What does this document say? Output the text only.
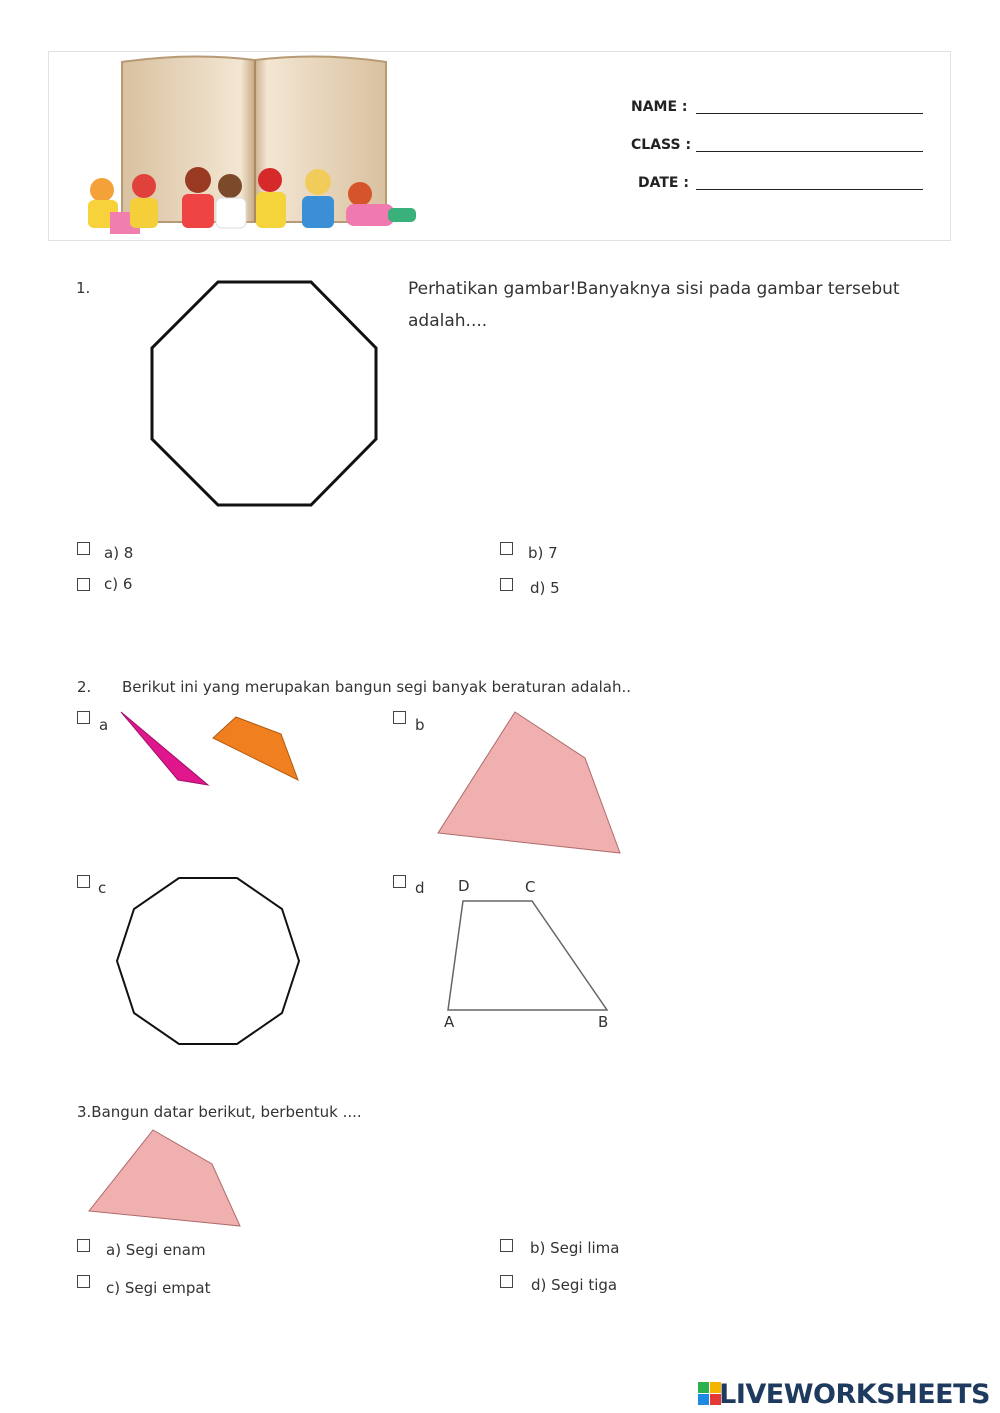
NAME :
CLASS :
DATE :
1.	Perhatikan gambar!Banyaknya sisi pada gambar tersebut
adalah....
a) 8	b) 7
c) 6	d) 5
2. Berikut ini yang merupakan bangun segi banyak beraturan adalah..
a	b
c	d D	C
A	B
3.Bangun datar berikut, berbentuk ....
a) Segi enam	b) Segi lima
c) Segi empat	d) Segi tiga
LIVEWORKSHEETS
